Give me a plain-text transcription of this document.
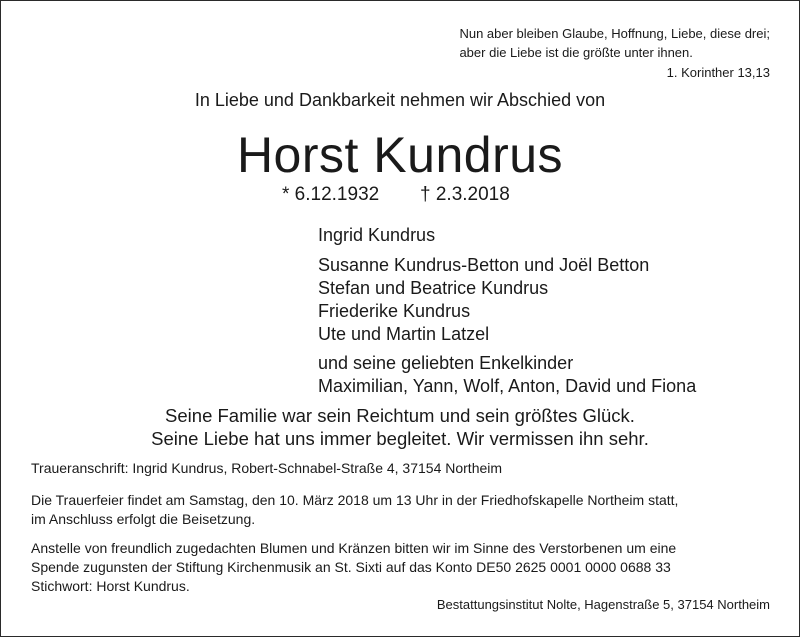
Nun aber bleiben Glaube, Hoffnung, Liebe, diese drei;
aber die Liebe ist die größte unter ihnen.
1. Korinther 13,13
In Liebe und Dankbarkeit nehmen wir Abschied von
Horst Kundrus
* 6.12.1932 † 2.3.2018
Ingrid Kundrus
Susanne Kundrus-Betton und Joël Betton
Stefan und Beatrice Kundrus
Friederike Kundrus
Ute und Martin Latzel
und seine geliebten Enkelkinder
Maximilian, Yann, Wolf, Anton, David und Fiona
Seine Familie war sein Reichtum und sein größtes Glück.
Seine Liebe hat uns immer begleitet. Wir vermissen ihn sehr.
Traueranschrift: Ingrid Kundrus, Robert-Schnabel-Straße 4, 37154 Northeim
Die Trauerfeier findet am Samstag, den 10. März 2018 um 13 Uhr in der Friedhofskapelle Northeim statt,
im Anschluss erfolgt die Beisetzung.
Anstelle von freundlich zugedachten Blumen und Kränzen bitten wir im Sinne des Verstorbenen um eine
Spende zugunsten der Stiftung Kirchenmusik an St. Sixti auf das Konto DE50 2625 0001 0000 0688 33
Stichwort: Horst Kundrus.
Bestattungsinstitut Nolte, Hagenstraße 5, 37154 Northeim
